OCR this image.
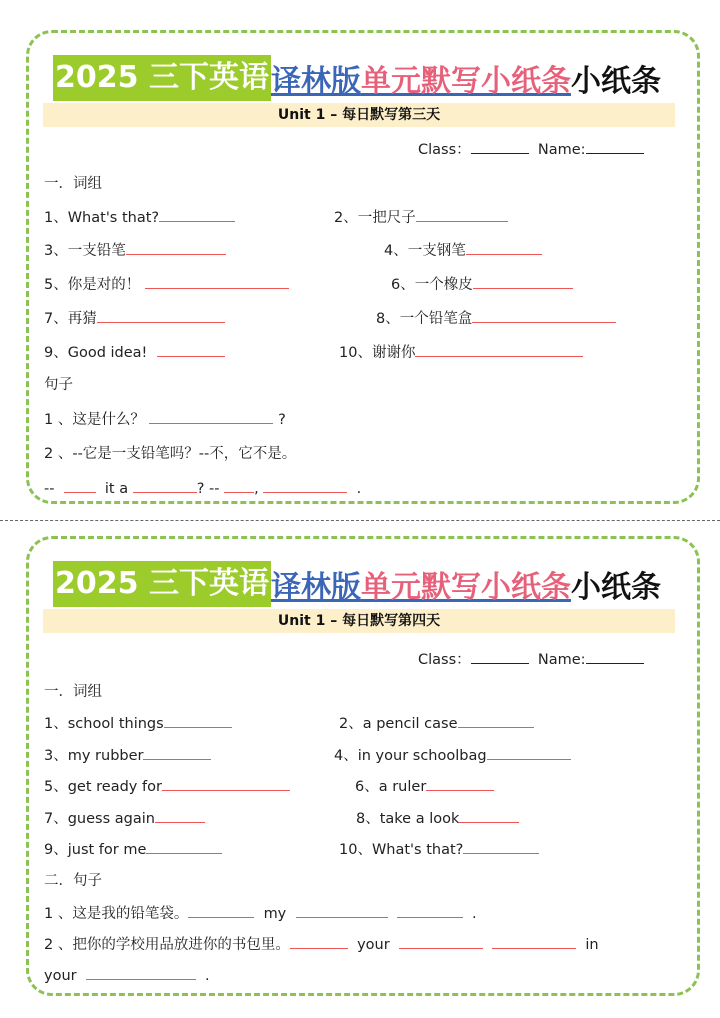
2025 三下英语 译林版 单元默写小纸条 小纸条
Unit 1 – 每日默写第三天
Class：	Name:
一．词组
1、What's that?	2、一把尺子
3、一支铅笔	4、一支钢笔
5、你是对的！	6、一个橡皮
7、再猜	8、一个铅笔盒
9、Good idea!	10、谢谢你
句子
1 、这是什么？	?
2 、--它是一支铅笔吗？--不，它不是。
--	it a	? -- ,	.
2025 三下英语 译林版 单元默写小纸条 小纸条
Unit 1 – 每日默写第四天
Class：	Name:
一．词组
1、school things	2、a pencil case
3、my rubber	4、in your schoolbag
5、get ready for	6、a ruler
7、guess again	8、take a look
9、just for me	10、What's that?
二．句子
1 、这是我的铅笔袋。	my	.
2 、把你的学校用品放进你的书包里。	your	in
your	.
